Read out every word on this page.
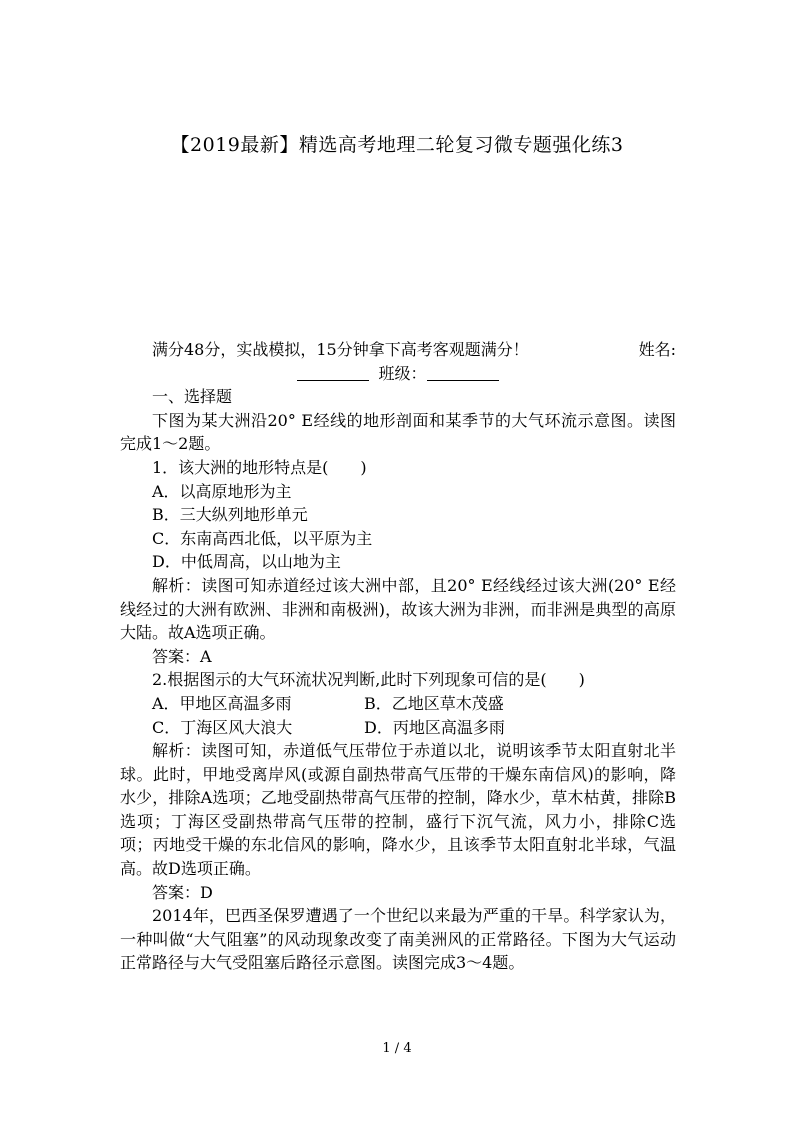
【2019最新】精选高考地理二轮复习微专题强化练3

满分48分，实战模拟，15分钟拿下高考客观题满分！	姓名:

班级：

一、选择题

下图为某大洲沿20° E经线的地形剖面和某季节的大气环流示意图。读图完成1～2题。

1．该大洲的地形特点是(　　)

A．以高原地形为主

B．三大纵列地形单元

C．东南高西北低，以平原为主

D．中低周高，以山地为主

解析：读图可知赤道经过该大洲中部，且20° E经线经过该大洲(20° E经线经过的大洲有欧洲、非洲和南极洲)，故该大洲为非洲，而非洲是典型的高原大陆。故A选项正确。

答案：A

2.根据图示的大气环流状况判断,此时下列现象可信的是(　　)

A．甲地区高温多雨	B．乙地区草木茂盛

C．丁海区风大浪大	D．丙地区高温多雨

解析：读图可知，赤道低气压带位于赤道以北，说明该季节太阳直射北半球。此时，甲地受离岸风(或源自副热带高气压带的干燥东南信风)的影响，降水少，排除A选项；乙地受副热带高气压带的控制，降水少，草木枯黄，排除B选项；丁海区受副热带高气压带的控制，盛行下沉气流，风力小，排除C选项；丙地受干燥的东北信风的影响，降水少，且该季节太阳直射北半球，气温高。故D选项正确。

答案：D

2014年，巴西圣保罗遭遇了一个世纪以来最为严重的干旱。科学家认为，一种叫做“大气阻塞”的风动现象改变了南美洲风的正常路径。下图为大气运动正常路径与大气受阻塞后路径示意图。读图完成3～4题。

1 / 4
